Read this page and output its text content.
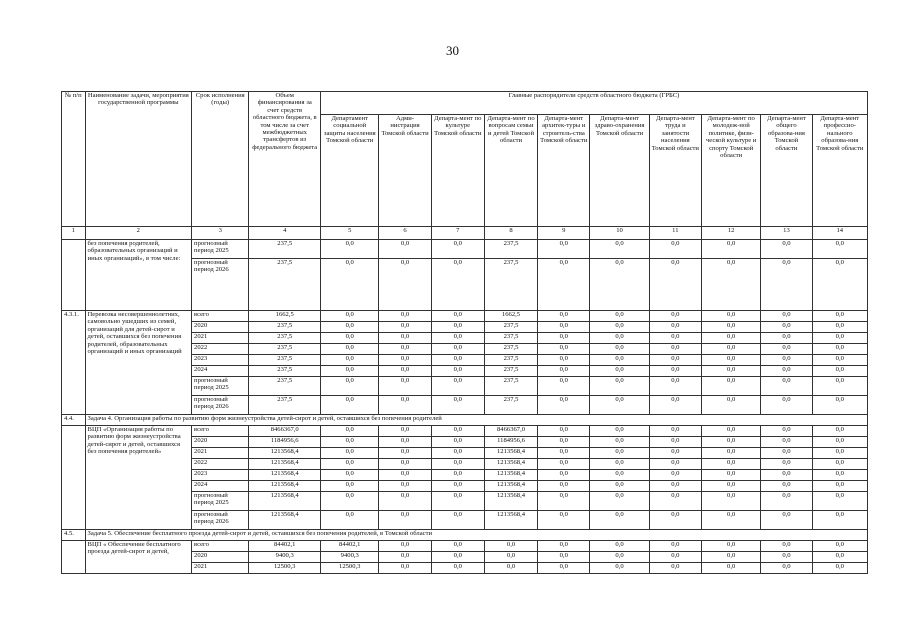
30
№ п/п	Наименование задачи, мероприятия государственной программы	Срок исполнения (годы)	Объем финансирования за счет средств областного бюджета, в том числе за счет межбюджетных трансфертов из федерального бюджета	Главные распорядители средств областного бюджета (ГРБС)									
				Департамент социальной защиты населения Томской области	Адми-нистрация Томской области	Департа-мент по культуре Томской области	Департа-мент по вопросам семьи и детей Томской области	Департа-мент архитек-туры и строитель-ства Томской области	Департа-мент здраво-охранения Томской области	Департа-мент труда и занятости населения Томской области	Департа-мент по молодеж-ной политике, физи-ческой культуре и спорту Томской области	Департа-мент общего образова-ния Томской области	Департа-мент профессио-нального образова-ния Томской области
1	2	3	4	5	6	7	8	9	10	11	12	13	14
	без попечения родителей, образовательных организаций и иных организаций», в том числе:	прогнозный период 2025	237,5	0,0	0,0	0,0	237,5	0,0	0,0	0,0	0,0	0,0	0,0
		прогнозный период 2026	237,5	0,0	0,0	0,0	237,5	0,0	0,0	0,0	0,0	0,0	0,0
4.3.1.	Перевозка несовершеннолетних, самовольно ушедших из семей, организаций для детей-сирот и детей, оставшихся без попечения родителей, образовательных организаций и иных организаций	всего	1662,5	0,0	0,0	0,0	1662,5	0,0	0,0	0,0	0,0	0,0	0,0
		2020	237,5	0,0	0,0	0,0	237,5	0,0	0,0	0,0	0,0	0,0	0,0
		2021	237,5	0,0	0,0	0,0	237,5	0,0	0,0	0,0	0,0	0,0	0,0
		2022	237,5	0,0	0,0	0,0	237,5	0,0	0,0	0,0	0,0	0,0	0,0
		2023	237,5	0,0	0,0	0,0	237,5	0,0	0,0	0,0	0,0	0,0	0,0
		2024	237,5	0,0	0,0	0,0	237,5	0,0	0,0	0,0	0,0	0,0	0,0
		прогнозный период 2025	237,5	0,0	0,0	0,0	237,5	0,0	0,0	0,0	0,0	0,0	0,0
		прогнозный период 2026	237,5	0,0	0,0	0,0	237,5	0,0	0,0	0,0	0,0	0,0	0,0
4.4.	Задача 4. Организация работы по развитию форм жизнеустройства детей-сирот и детей, оставшихся без попечения родителей												
	ВЦП «Организация работы по развитию форм жизнеустройства детей-сирот и детей, оставшихся без попечения родителей»	всего	8466367,0	0,0	0,0	0,0	8466367,0	0,0	0,0	0,0	0,0	0,0	0,0
		2020	1184956,6	0,0	0,0	0,0	1184956,6	0,0	0,0	0,0	0,0	0,0	0,0
		2021	1213568,4	0,0	0,0	0,0	1213568,4	0,0	0,0	0,0	0,0	0,0	0,0
		2022	1213568,4	0,0	0,0	0,0	1213568,4	0,0	0,0	0,0	0,0	0,0	0,0
		2023	1213568,4	0,0	0,0	0,0	1213568,4	0,0	0,0	0,0	0,0	0,0	0,0
		2024	1213568,4	0,0	0,0	0,0	1213568,4	0,0	0,0	0,0	0,0	0,0	0,0
		прогнозный период 2025	1213568,4	0,0	0,0	0,0	1213568,4	0,0	0,0	0,0	0,0	0,0	0,0
		прогнозный период 2026	1213568,4	0,0	0,0	0,0	1213568,4	0,0	0,0	0,0	0,0	0,0	0,0
4.5.	Задача 5. Обеспечение бесплатного проезда детей-сирот и детей, оставшихся без попечения родителей, в Томской области												
	ВЦП « Обеспечение бесплатного проезда детей-сирот и детей,	всего	84402,1	84402,1	0,0	0,0	0,0	0,0	0,0	0,0	0,0	0,0	0,0
		2020	9400,3	9400,3	0,0	0,0	0,0	0,0	0,0	0,0	0,0	0,0	0,0
		2021	12500,3	12500,3	0,0	0,0	0,0	0,0	0,0	0,0	0,0	0,0	0,0
